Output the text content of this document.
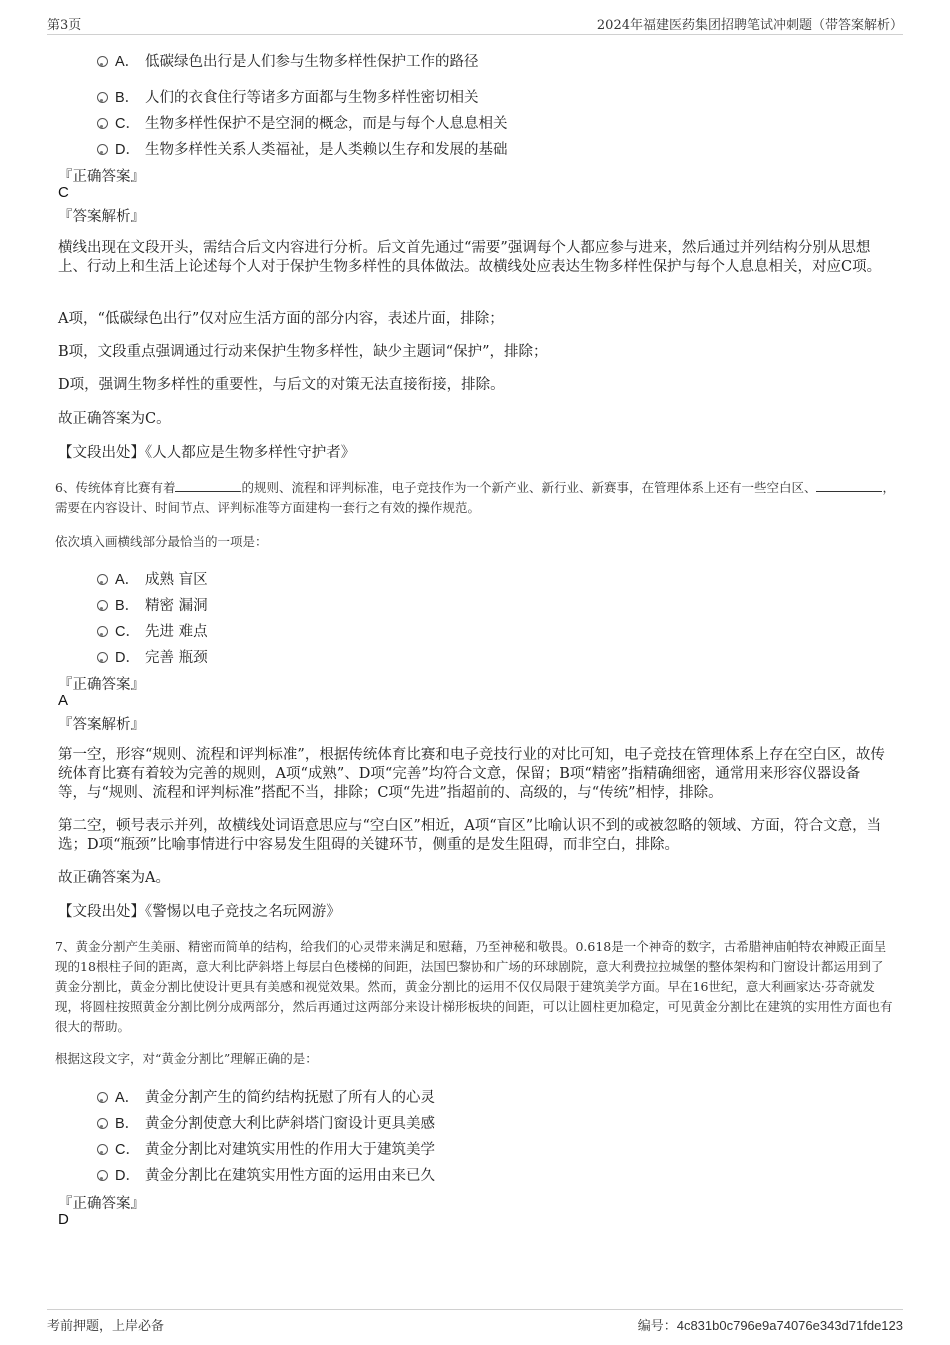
第3页	2024年福建医药集团招聘笔试冲刺题（带答案解析）
A． 低碳绿色出行是人们参与生物多样性保护工作的路径
B． 人们的衣食住行等诸多方面都与生物多样性密切相关
C． 生物多样性保护不是空洞的概念，而是与每个人息息相关
D． 生物多样性关系人类福祉，是人类赖以生存和发展的基础
『正确答案』
C
『答案解析』
横线出现在文段开头，需结合后文内容进行分析。后文首先通过“需要”强调每个人都应参与进来，然后通过并列结构分别从思想上、行动上和生活上论述每个人对于保护生物多样性的具体做法。故横线处应表达生物多样性保护与每个人息息相关，对应C项。
A项，“低碳绿色出行”仅对应生活方面的部分内容，表述片面，排除；
B项，文段重点强调通过行动来保护生物多样性，缺少主题词“保护”，排除；
D项，强调生物多样性的重要性，与后文的对策无法直接衔接，排除。
故正确答案为C。
【文段出处】《人人都应是生物多样性守护者》
6、传统体育比赛有着	的规则、流程和评判标准，电子竞技作为一个新产业、新行业、新赛事，在管理体系上还有一些空白区、	，需要在内容设计、时间节点、评判标准等方面建构一套行之有效的操作规范。
依次填入画横线部分最恰当的一项是：
A． 成熟 盲区
B． 精密 漏洞
C． 先进 难点
D． 完善 瓶颈
『正确答案』
A
『答案解析』
第一空，形容“规则、流程和评判标准”，根据传统体育比赛和电子竞技行业的对比可知，电子竞技在管理体系上存在空白区，故传统体育比赛有着较为完善的规则，A项“成熟”、D项“完善”均符合文意，保留；B项“精密”指精确细密，通常用来形容仪器设备等，与“规则、流程和评判标准”搭配不当，排除；C项“先进”指超前的、高级的，与“传统”相悖，排除。
第二空，顿号表示并列，故横线处词语意思应与“空白区”相近，A项“盲区”比喻认识不到的或被忽略的领域、方面，符合文意，当选；D项“瓶颈”比喻事情进行中容易发生阻碍的关键环节，侧重的是发生阻碍，而非空白，排除。
故正确答案为A。
【文段出处】《警惕以电子竞技之名玩网游》
7、黄金分割产生美丽、精密而简单的结构，给我们的心灵带来满足和慰藉，乃至神秘和敬畏。0.618是一个神奇的数字，古希腊神庙帕特农神殿正面呈现的18根柱子间的距离，意大利比萨斜塔上每层白色楼梯的间距，法国巴黎协和广场的环球剧院，意大利费拉拉城堡的整体架构和门窗设计都运用到了黄金分割比，黄金分割比使设计更具有美感和视觉效果。然而，黄金分割比的运用不仅仅局限于建筑美学方面。早在16世纪，意大利画家达·芬奇就发现，将圆柱按照黄金分割比例分成两部分，然后再通过这两部分来设计梯形板块的间距，可以让圆柱更加稳定，可见黄金分割比在建筑的实用性方面也有很大的帮助。
根据这段文字，对“黄金分割比”理解正确的是：
A． 黄金分割产生的简约结构抚慰了所有人的心灵
B． 黄金分割使意大利比萨斜塔门窗设计更具美感
C． 黄金分割比对建筑实用性的作用大于建筑美学
D． 黄金分割比在建筑实用性方面的运用由来已久
『正确答案』
D
考前押题，上岸必备	编号：4c831b0c796e9a74076e343d71fde123
